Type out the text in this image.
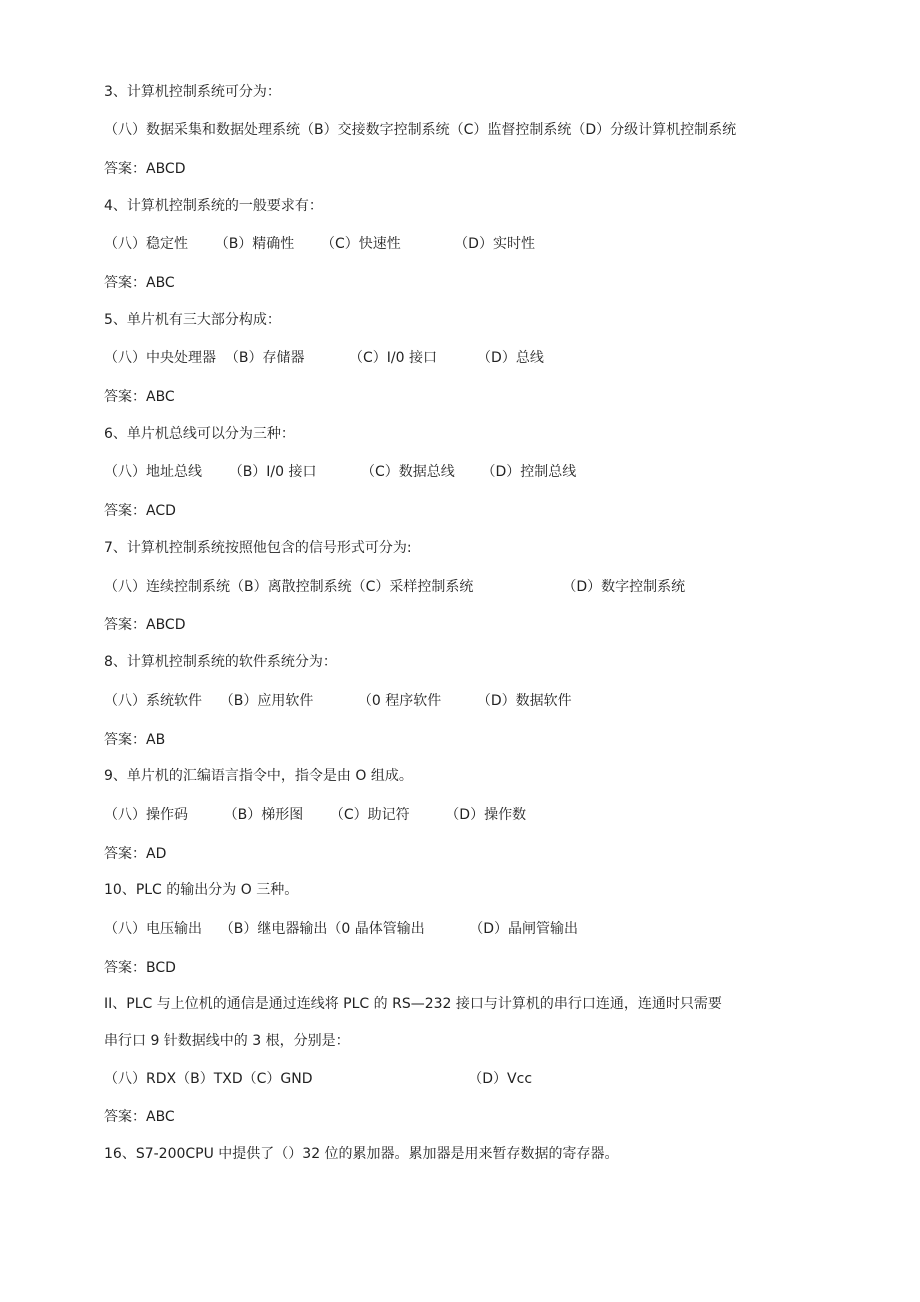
3、计算机控制系统可分为：
（八）数据采集和数据处理系统（B）交接数字控制系统（C）监督控制系统（D）分级计算机控制系统
答案：ABCD
4、计算机控制系统的一般要求有：
（八）稳定性      （B）精确性      （C）快速性            （D）实时性
答案：ABC
5、单片机有三大部分构成：
（八）中央处理器  （B）存储器          （C）I/0 接口         （D）总线
答案：ABC
6、单片机总线可以分为三种：
（八）地址总线      （B）I/0 接口          （C）数据总线      （D）控制总线
答案：ACD
7、计算机控制系统按照他包含的信号形式可分为:
（八）连续控制系统（B）离散控制系统（C）采样控制系统                    （D）数字控制系统
答案：ABCD
8、计算机控制系统的软件系统分为：
（八）系统软件    （B）应用软件          （0 程序软件        （D）数据软件
答案：AB
9、单片机的汇编语言指令中，指令是由 O 组成。
（八）操作码        （B）梯形图      （C）助记符        （D）操作数
答案：AD
10、PLC 的输出分为 O 三种。
（八）电压输出    （B）继电器输出（0 晶体管输出          （D）晶闸管输出
答案：BCD
II、PLC 与上位机的通信是通过连线将 PLC 的 RS—232 接口与计算机的串行口连通，连通时只需要
串行口 9 针数据线中的 3 根，分别是：
（八）RDX（B）TXD（C）GND                                   （D）Vcc
答案：ABC
16、S7-200CPU 中提供了（）32 位的累加器。累加器是用来暂存数据的寄存器。
